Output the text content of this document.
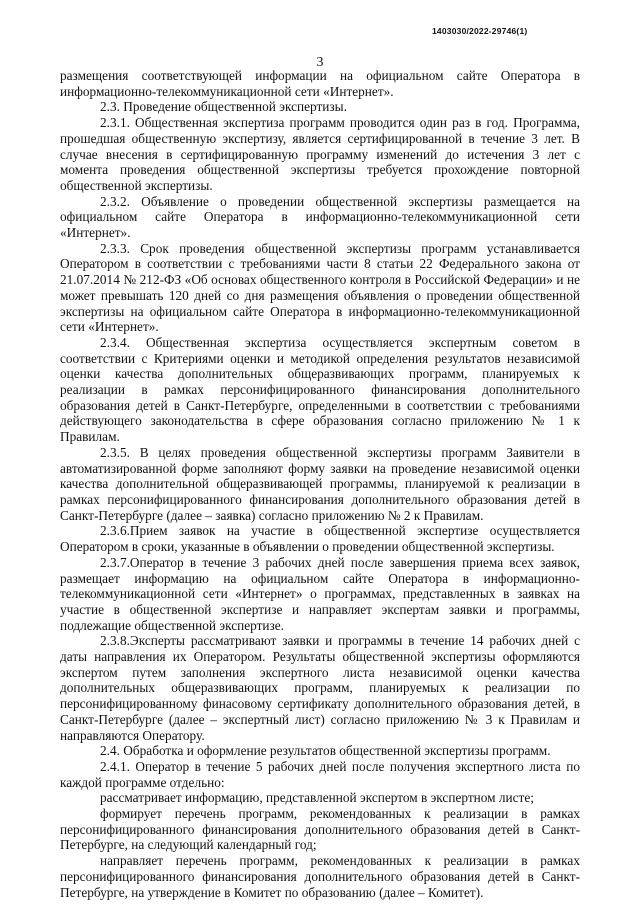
1403030/2022-29746(1)
3

размещения соответствующей информации на официальном сайте Оператора в информационно-телекоммуникационной сети «Интернет».

2.3. Проведение общественной экспертизы.

2.3.1. Общественная экспертиза программ проводится один раз в год. Программа, прошедшая общественную экспертизу, является сертифицированной в течение 3 лет. В случае внесения в сертифицированную программу изменений до истечения 3 лет с момента проведения общественной экспертизы требуется прохождение повторной общественной экспертизы.

2.3.2. Объявление о проведении общественной экспертизы размещается на официальном сайте Оператора в информационно-телекоммуникационной сети «Интернет».

2.3.3. Срок проведения общественной экспертизы программ устанавливается Оператором в соответствии с требованиями части 8 статьи 22 Федерального закона от 21.07.2014 № 212-ФЗ «Об основах общественного контроля в Российской Федерации» и не может превышать 120 дней со дня размещения объявления о проведении общественной экспертизы на официальном сайте Оператора в информационно-телекоммуникационной сети «Интернет».

2.3.4. Общественная экспертиза осуществляется экспертным советом в соответствии с Критериями оценки и методикой определения результатов независимой оценки качества дополнительных общеразвивающих программ, планируемых к реализации в рамках персонифицированного финансирования дополнительного образования детей в Санкт-Петербурге, определенными в соответствии с требованиями действующего законодательства в сфере образования согласно приложению № 1 к Правилам.

2.3.5. В целях проведения общественной экспертизы программ Заявители в автоматизированной форме заполняют форму заявки на проведение независимой оценки качества дополнительной общеразвивающей программы, планируемой к реализации в рамках персонифицированного финансирования дополнительного образования детей в Санкт-Петербурге (далее – заявка) согласно приложению № 2 к Правилам.

2.3.6.Прием заявок на участие в общественной экспертизе осуществляется Оператором в сроки, указанные в объявлении о проведении общественной экспертизы.

2.3.7.Оператор в течение 3 рабочих дней после завершения приема всех заявок, размещает информацию на официальном сайте Оператора в информационно-телекоммуникационной сети «Интернет» о программах, представленных в заявках на участие в общественной экспертизе и направляет экспертам заявки и программы, подлежащие общественной экспертизе.

2.3.8.Эксперты рассматривают заявки и программы в течение 14 рабочих дней с даты направления их Оператором. Результаты общественной экспертизы оформляются экспертом путем заполнения экспертного листа независимой оценки качества дополнительных общеразвивающих программ, планируемых к реализации по персонифицированному финасовому сертификату дополнительного образования детей, в Санкт-Петербурге (далее – экспертный лист) согласно приложению № 3 к Правилам и направляются Оператору.

2.4. Обработка и оформление результатов общественной экспертизы программ.

2.4.1. Оператор в течение 5 рабочих дней после получения экспертного листа по каждой программе отдельно:

рассматривает информацию, представленной экспертом в экспертном листе;

формирует перечень программ, рекомендованных к реализации в рамках персонифицированного финансирования дополнительного образования детей в Санкт-Петербурге, на следующий календарный год;

направляет перечень программ, рекомендованных к реализации в рамках персонифицированного финансирования дополнительного образования детей в Санкт-Петербурге, на утверждение в Комитет по образованию (далее – Комитет).
